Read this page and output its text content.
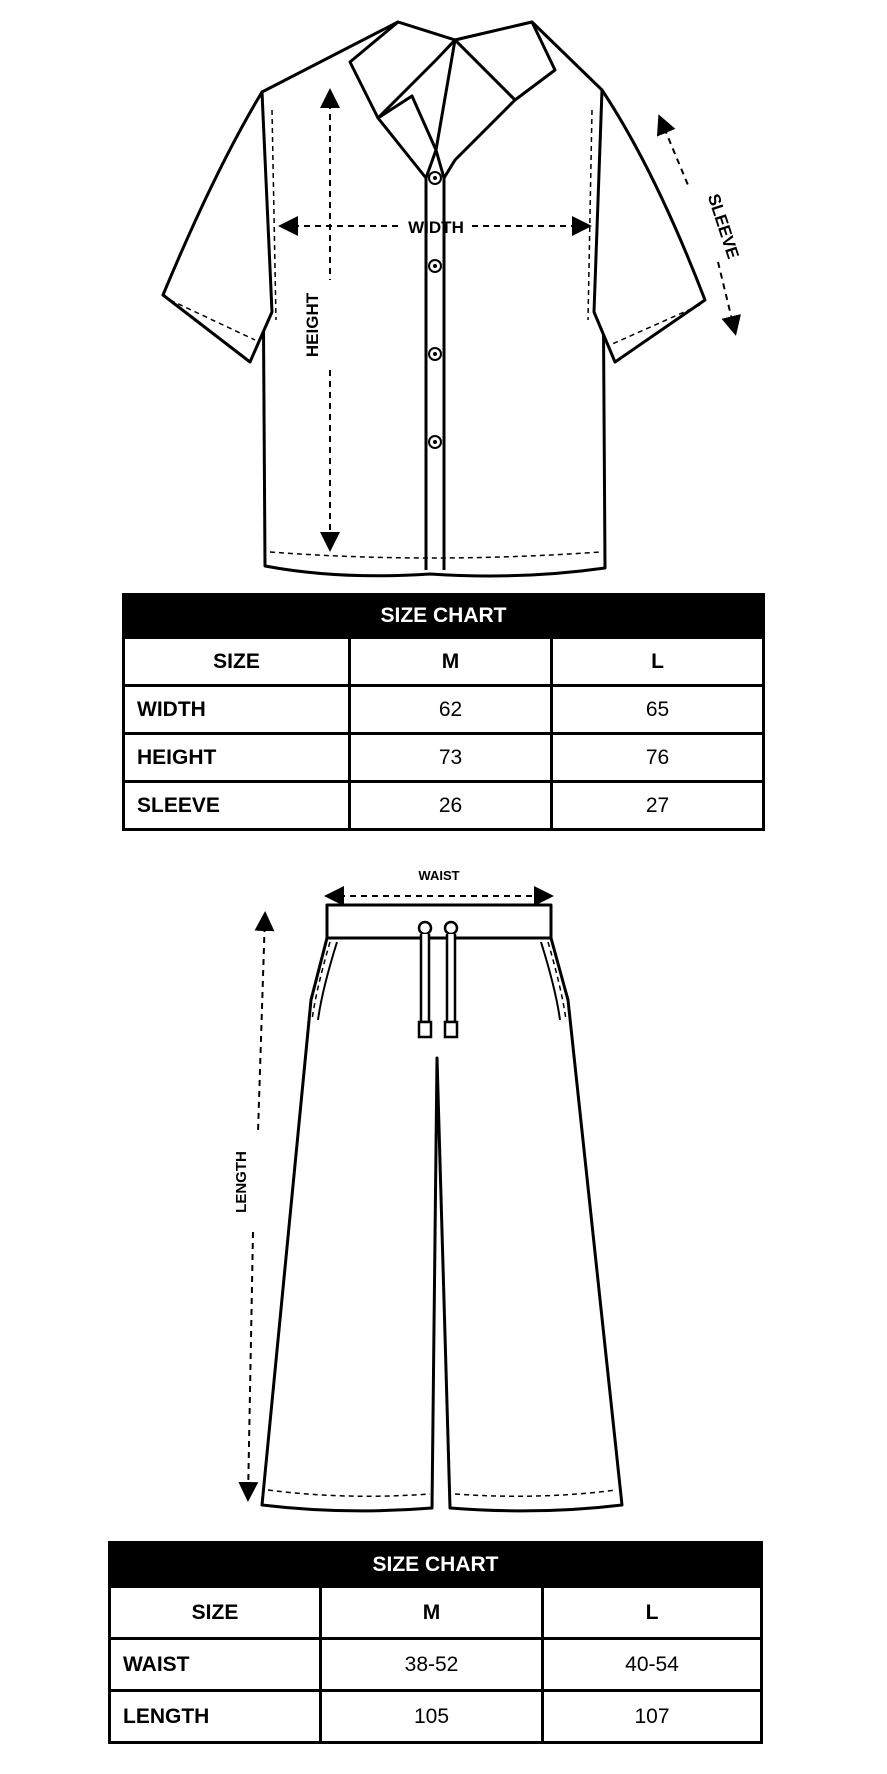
WIDTH
HEIGHT
SLEEVE
SIZE CHART		
SIZE	M	L
WIDTH	62	65
HEIGHT	73	76
SLEEVE	26	27
WAIST
LENGTH
SIZE CHART		
SIZE	M	L
WAIST	38-52	40-54
LENGTH	105	107
